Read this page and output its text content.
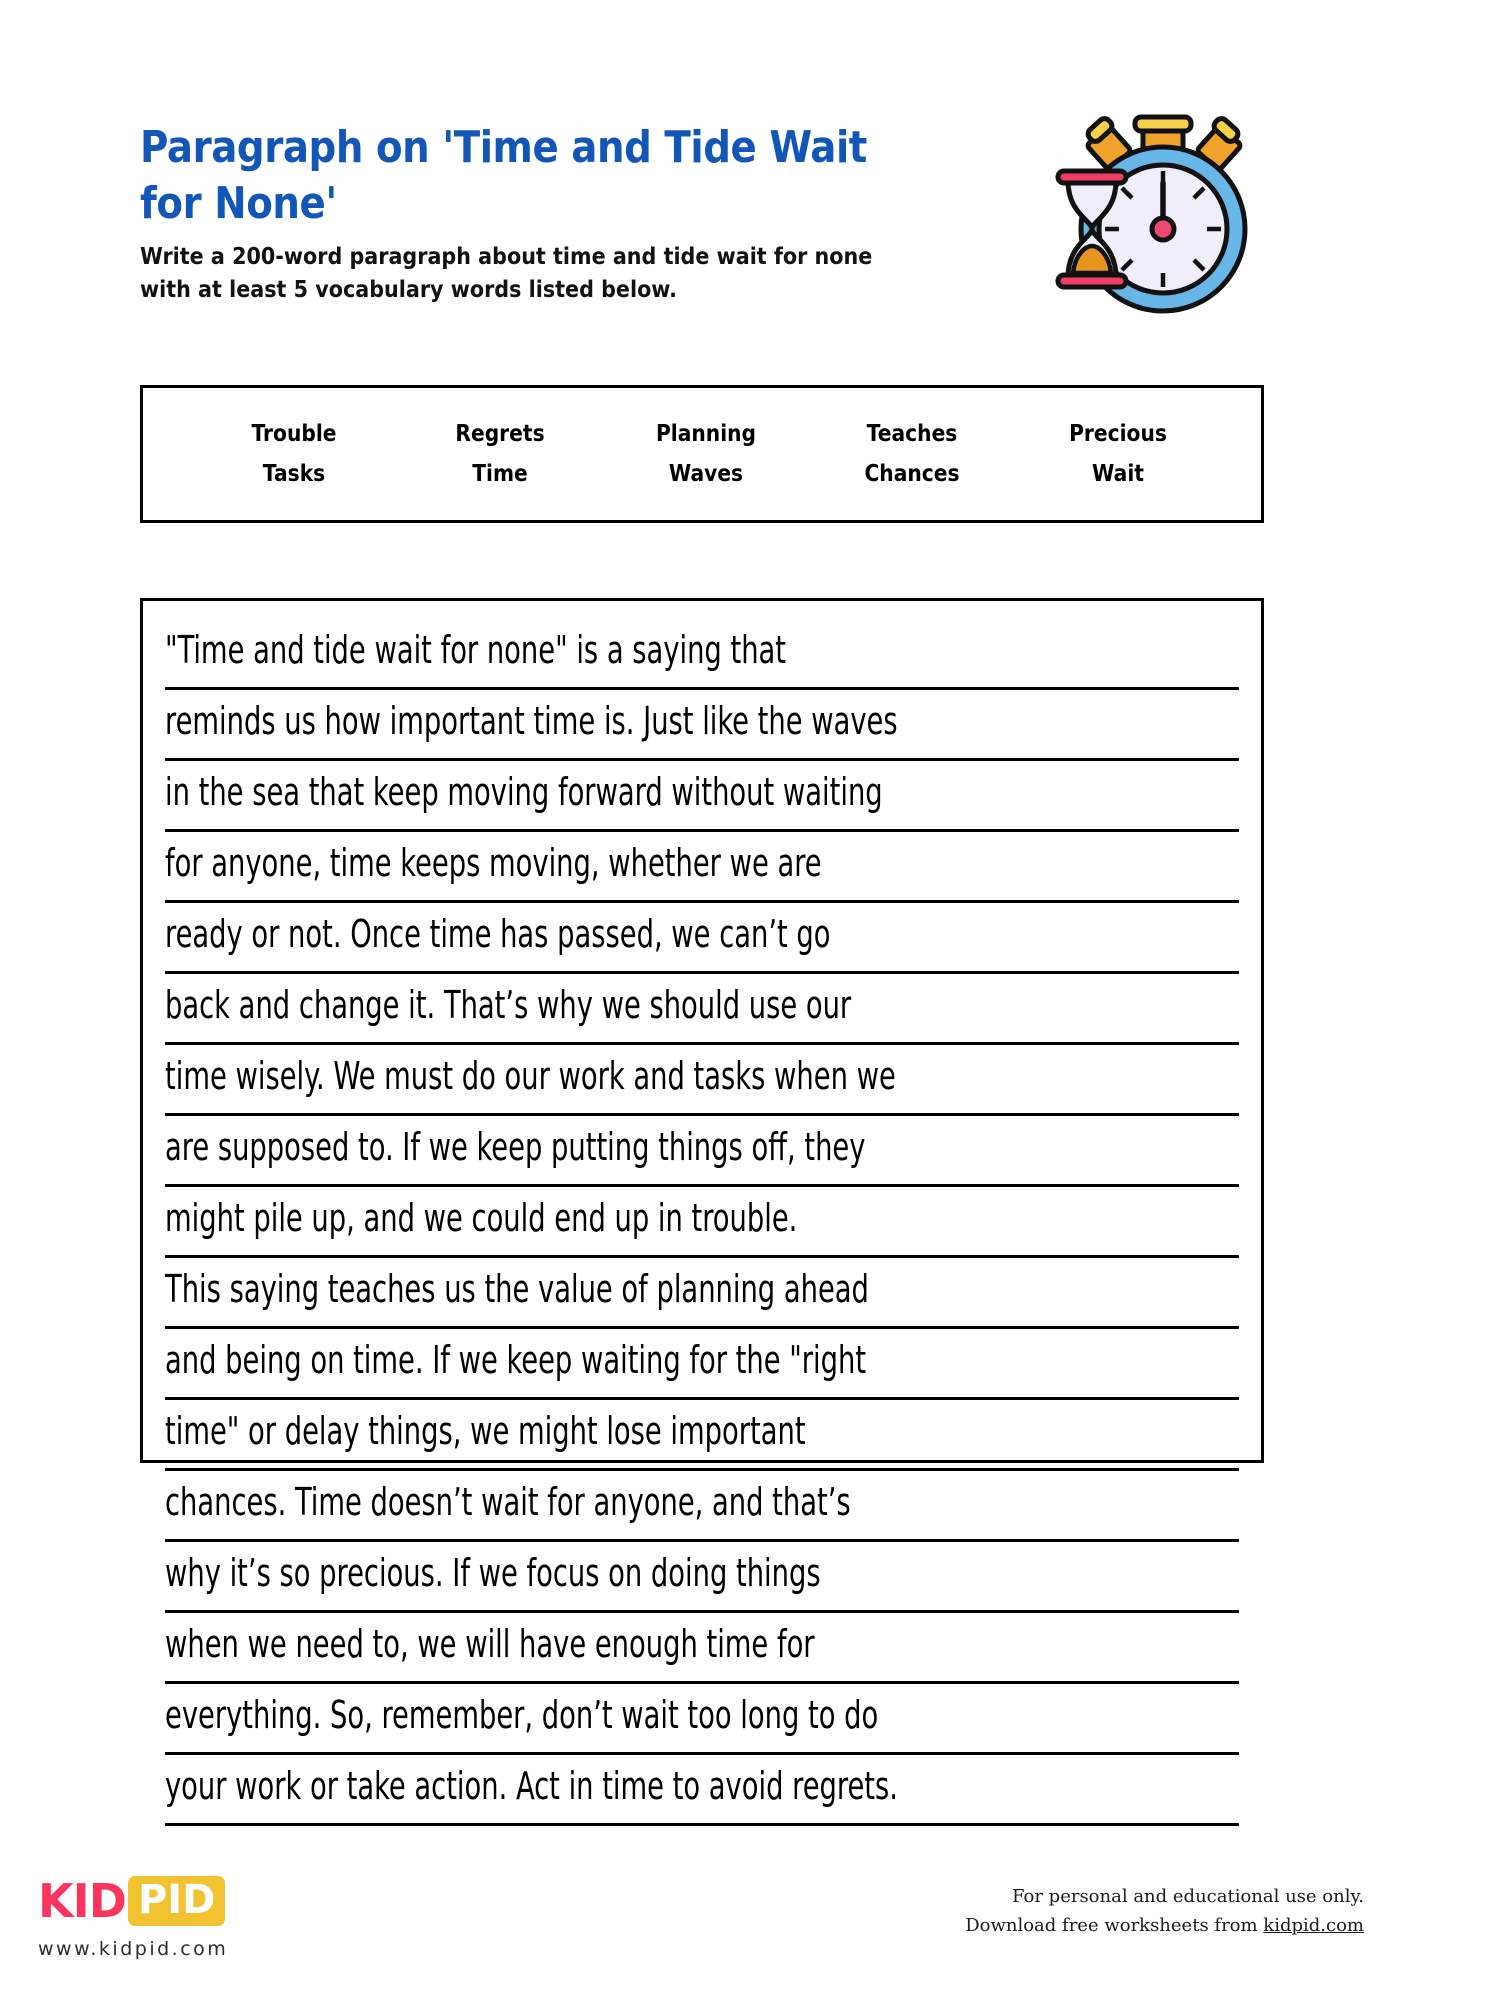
Paragraph on 'Time and Tide Wait for None'

Write a 200-word paragraph about time and tide wait for none
with at least 5 vocabulary words listed below.

Trouble	Regrets	Planning	Teaches	Precious
Tasks	Time	Waves	Chances	Wait
"Time and tide wait for none" is a saying that
reminds us how important time is. Just like the waves
in the sea that keep moving forward without waiting
for anyone, time keeps moving, whether we are
ready or not. Once time has passed, we can’t go
back and change it. That’s why we should use our
time wisely. We must do our work and tasks when we
are supposed to. If we keep putting things off, they
might pile up, and we could end up in trouble.
This saying teaches us the value of planning ahead
and being on time. If we keep waiting for the "right
time" or delay things, we might lose important
chances. Time doesn’t wait for anyone, and that’s
why it’s so precious. If we focus on doing things
when we need to, we will have enough time for
everything. So, remember, don’t wait too long to do
your work or take action. Act in time to avoid regrets.
KID PID
www.kidpid.com
For personal and educational use only.
Download free worksheets from kidpid.com
